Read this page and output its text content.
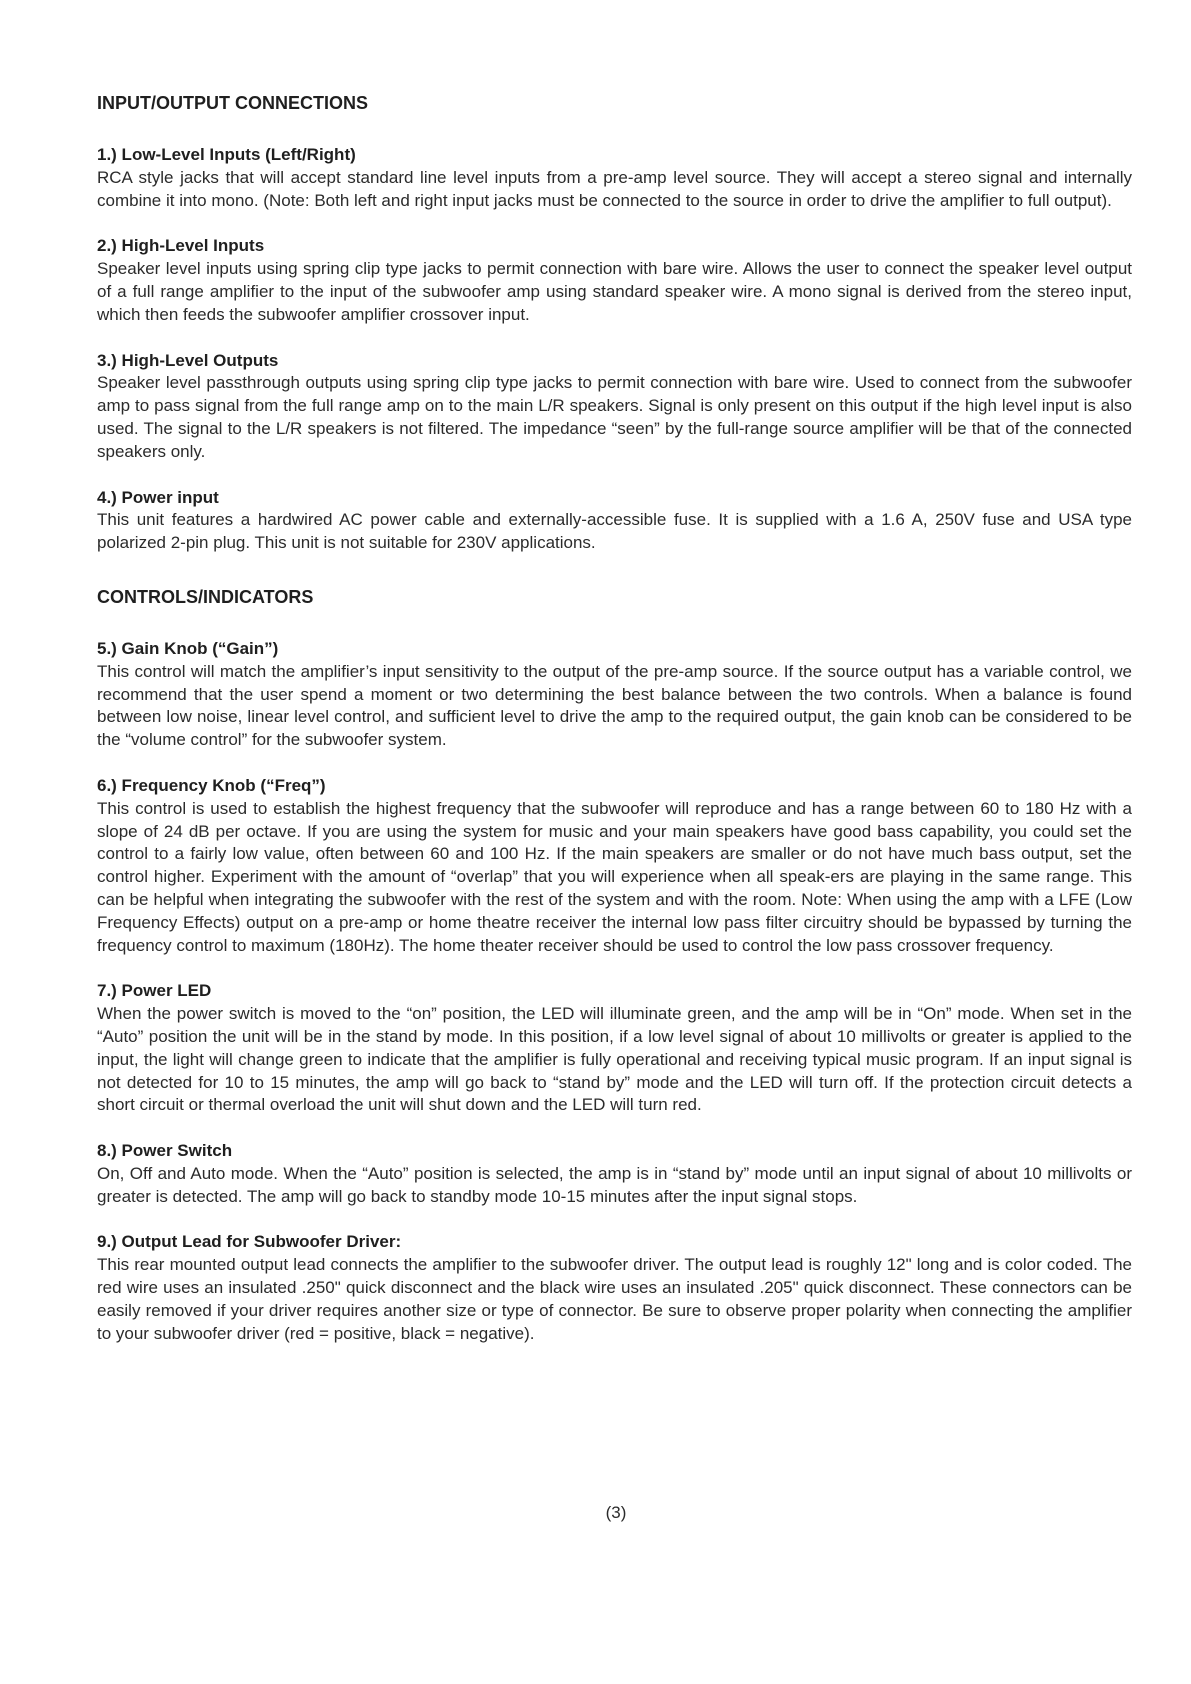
INPUT/OUTPUT CONNECTIONS

1.) Low-Level Inputs (Left/Right)

RCA style jacks that will accept standard line level inputs from a pre-amp level source. They will accept a stereo signal and internally combine it into mono. (Note: Both left and right input jacks must be connected to the source in order to drive the amplifier to full output).

2.) High-Level Inputs

Speaker level inputs using spring clip type jacks to permit connection with bare wire. Allows the user to connect the speaker level output of a full range amplifier to the input of the subwoofer amp using standard speaker wire. A mono signal is derived from the stereo input, which then feeds the subwoofer amplifier crossover input.

3.) High-Level Outputs

Speaker level passthrough outputs using spring clip type jacks to permit connection with bare wire. Used to connect from the subwoofer amp to pass signal from the full range amp on to the main L/R speakers. Signal is only present on this output if the high level input is also used. The signal to the L/R speakers is not filtered. The impedance “seen” by the full-range source amplifier will be that of the connected speakers only.

4.) Power input

This unit features a hardwired AC power cable and externally-accessible fuse. It is supplied with a 1.6 A, 250V fuse and USA type polarized 2-pin plug. This unit is not suitable for 230V applications.

CONTROLS/INDICATORS

5.) Gain Knob (“Gain”)

This control will match the amplifier’s input sensitivity to the output of the pre-amp source. If the source output has a variable control, we recommend that the user spend a moment or two determining the best balance between the two controls. When a balance is found between low noise, linear level control, and sufficient level to drive the amp to the required output, the gain knob can be considered to be the “volume control” for the subwoofer system.

6.) Frequency Knob (“Freq”)

This control is used to establish the highest frequency that the subwoofer will reproduce and has a range between 60 to 180 Hz with a slope of 24 dB per octave. If you are using the system for music and your main speakers have good bass capability, you could set the control to a fairly low value, often between 60 and 100 Hz. If the main speakers are smaller or do not have much bass output, set the control higher. Experiment with the amount of “overlap” that you will experience when all speak-ers are playing in the same range. This can be helpful when integrating the subwoofer with the rest of the system and with the room. Note: When using the amp with a LFE (Low Frequency Effects) output on a pre-amp or home theatre receiver the internal low pass filter circuitry should be bypassed by turning the frequency control to maximum (180Hz). The home theater receiver should be used to control the low pass crossover frequency.

7.) Power LED

When the power switch is moved to the “on” position, the LED will illuminate green, and the amp will be in “On” mode. When set in the “Auto” position the unit will be in the stand by mode. In this position, if a low level signal of about 10 millivolts or greater is applied to the input, the light will change green to indicate that the amplifier is fully operational and receiving typical music program. If an input signal is not detected for 10 to 15 minutes, the amp will go back to “stand by” mode and the LED will turn off. If the protection circuit detects a short circuit or thermal overload the unit will shut down and the LED will turn red.

8.) Power Switch

On, Off and Auto mode. When the “Auto” position is selected, the amp is in “stand by” mode until an input signal of about 10 millivolts or greater is detected. The amp will go back to standby mode 10-15 minutes after the input signal stops.

9.) Output Lead for Subwoofer Driver:

This rear mounted output lead connects the amplifier to the subwoofer driver. The output lead is roughly 12" long and is color coded. The red wire uses an insulated .250" quick disconnect and the black wire uses an insulated .205" quick disconnect. These connectors can be easily removed if your driver requires another size or type of connector. Be sure to observe proper polarity when connecting the amplifier to your subwoofer driver (red = positive, black = negative).

(3)
